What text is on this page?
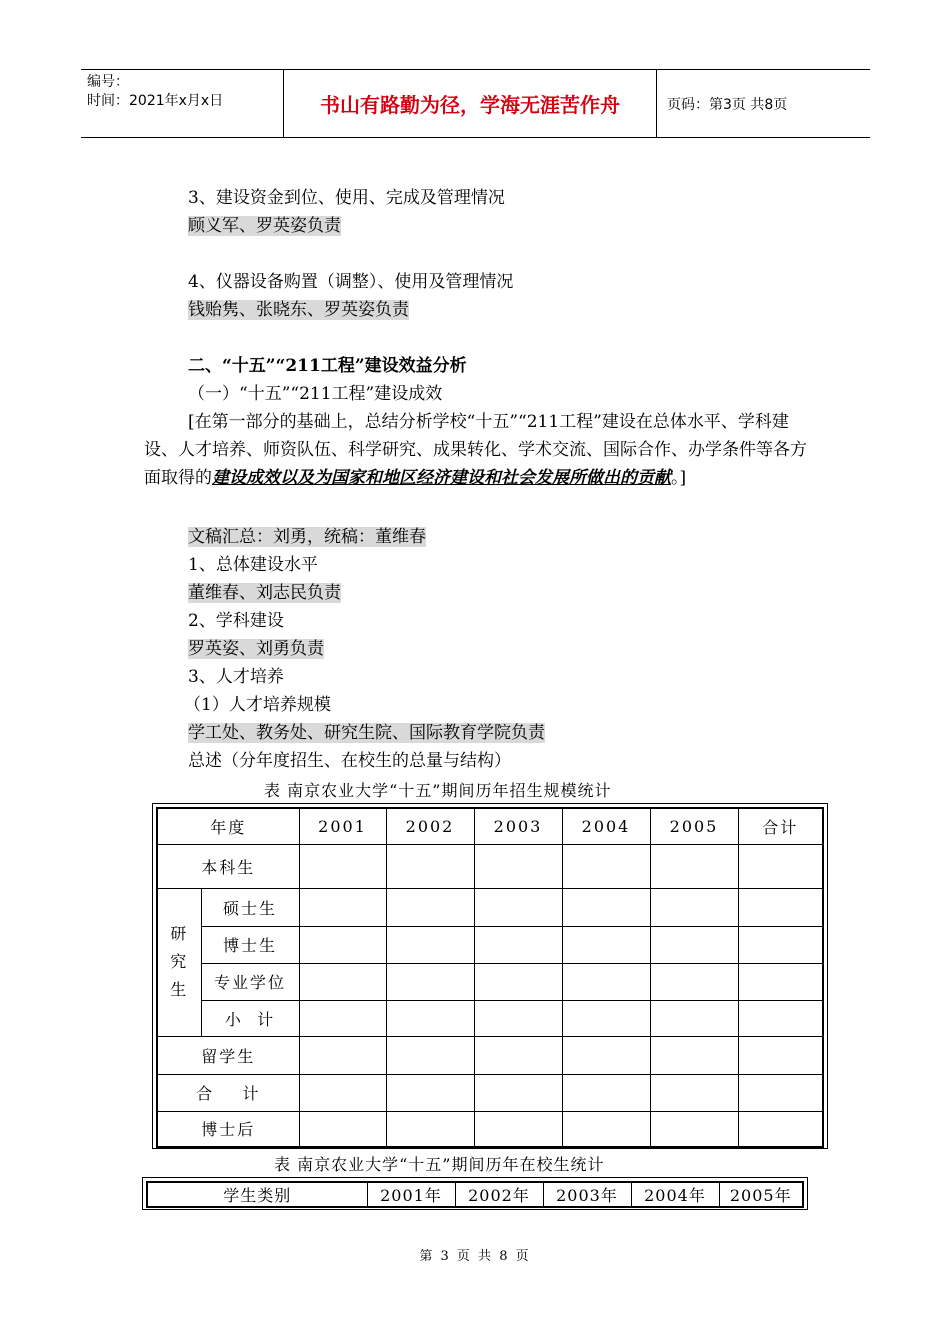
编号：
时间：2021年x月x日	书山有路勤为径，学海无涯苦作舟	页码：第3页 共8页
3、建设资金到位、使用、完成及管理情况
顾义军、罗英姿负责
4、仪器设备购置（调整）、使用及管理情况
钱贻隽、张晓东、罗英姿负责
二、“十五”“211工程”建设效益分析
（一）“十五”“211工程”建设成效
[在第一部分的基础上，总结分析学校“十五”“211工程”建设在总体水平、学科建设、人才培养、师资队伍、科学研究、成果转化、学术交流、国际合作、办学条件等各方面取得的建设成效以及为国家和地区经济建设和社会发展所做出的贡献。]
文稿汇总：刘勇，统稿：董维春
1、总体建设水平
董维春、刘志民负责
2、学科建设
罗英姿、刘勇负责
3、人才培养
（1）人才培养规模
学工处、教务处、研究生院、国际教育学院负责
总述（分年度招生、在校生的总量与结构）
表 南京农业大学“十五”期间历年招生规模统计
年度		2001	2002	2003	2004	2005	合计
本科生							

研
究
生	硕士生						
	博士生						
	专业学位						
	小  计						
留学生							
合    计							
博士后							
表 南京农业大学“十五”期间历年在校生统计
学生类别	2001年	2002年	2003年	2004年	2005年
第 3 页 共 8 页
